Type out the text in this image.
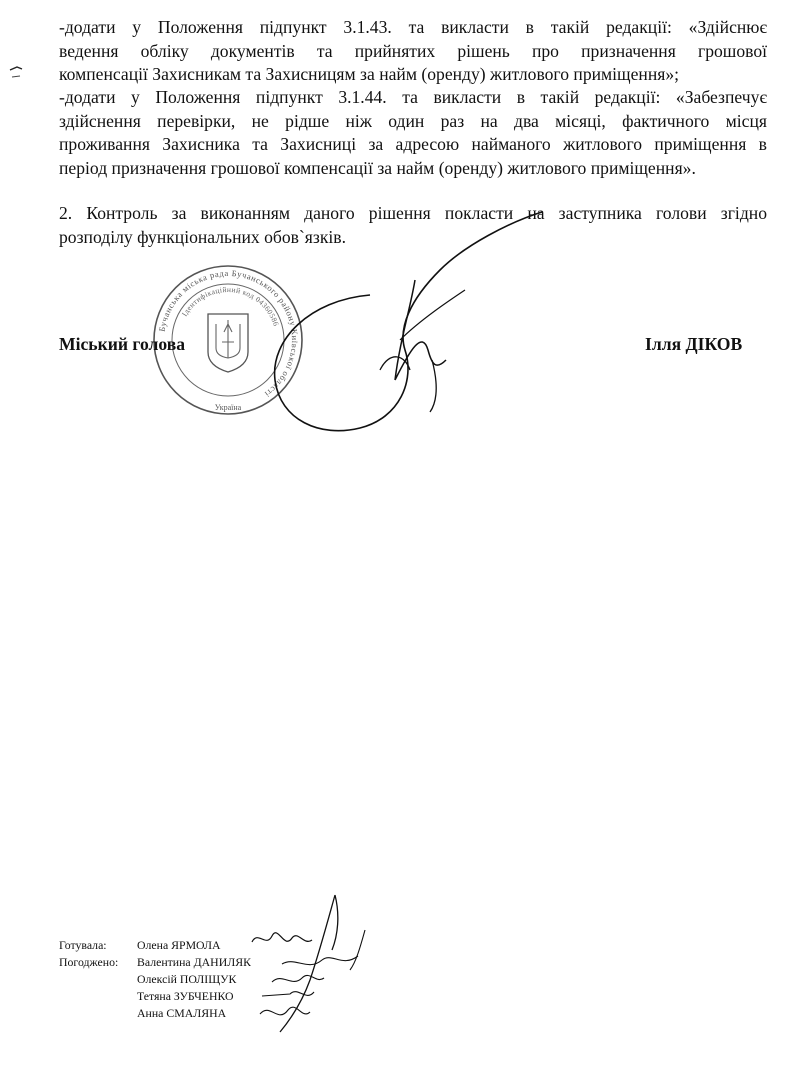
-додати у Положення підпункт 3.1.43. та викласти в такій редакції: «Здійснює
ведення обліку документів та прийнятих рішень про призначення грошової
компенсації Захисникам та Захисницям за найм (оренду) житлового приміщення»;
-додати у Положення підпункт 3.1.44. та викласти в такій редакції: «Забезпечує
здійснення перевірки, не рідше ніж один раз на два місяці, фактичного місця
проживання Захисника та Захисниці за адресою найманого житлового приміщення в
період призначення грошової компенсації за найм (оренду) житлового приміщення».
2. Контроль за виконанням даного рішення покласти на заступника голови згідно
розподілу функціональних обов`язків.
Бучанська міська рада Бучанського району Київської області
Ідентифікаційний код 04360586
Україна
Міський голова	Ілля ДІКОВ
Готувала:	Олена ЯРМОЛА
Погоджено: Валентина ДАНИЛЯК
Олексій ПОЛІЩУК
Тетяна ЗУБЧЕНКО
Анна СМАЛЯНА
